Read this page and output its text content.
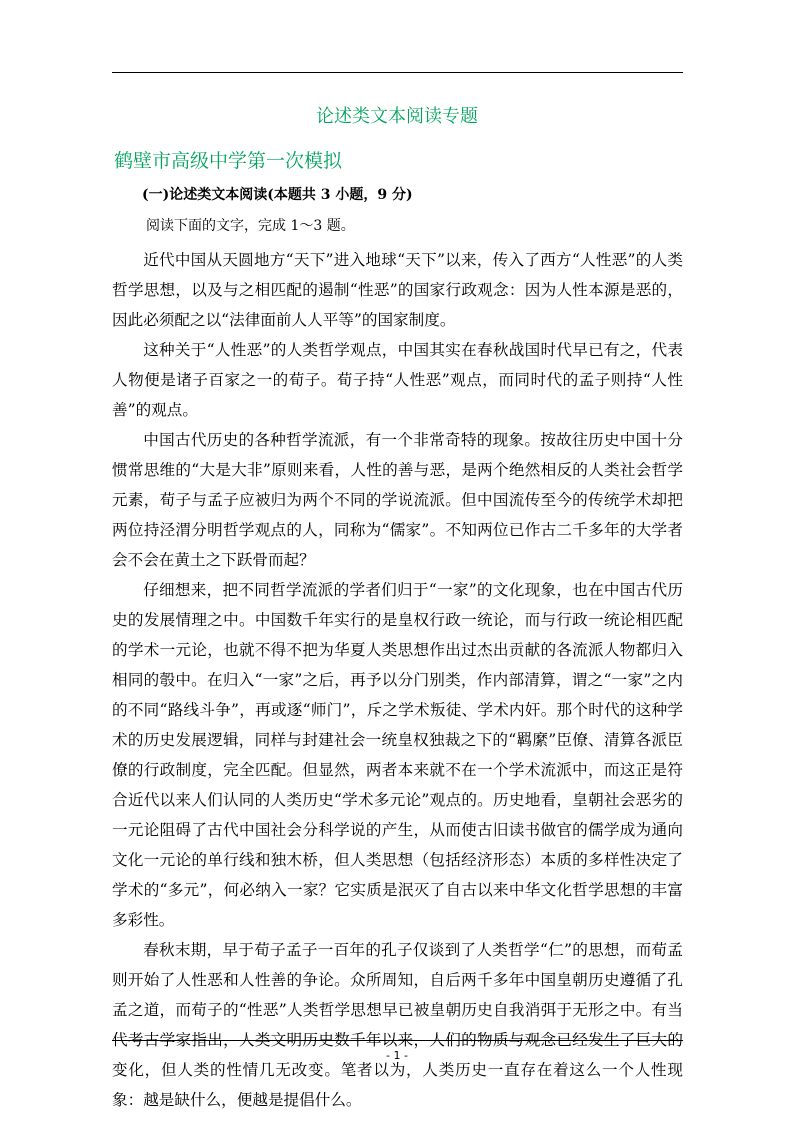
论述类文本阅读专题
鹤壁市高级中学第一次模拟
(一)论述类文本阅读(本题共 3 小题，9 分)
阅读下面的文字，完成 1～3 题。

近代中国从天圆地方“天下”进入地球“天下”以来，传入了西方“人性恶”的人类哲学思想，以及与之相匹配的遏制“性恶”的国家行政观念：因为人性本源是恶的，因此必须配之以“法律面前人人平等”的国家制度。

这种关于“人性恶”的人类哲学观点，中国其实在春秋战国时代早已有之，代表人物便是诸子百家之一的荀子。荀子持“人性恶”观点，而同时代的孟子则持“人性善”的观点。

中国古代历史的各种哲学流派，有一个非常奇特的现象。按故往历史中国十分惯常思维的“大是大非”原则来看，人性的善与恶，是两个绝然相反的人类社会哲学元素，荀子与孟子应被归为两个不同的学说流派。但中国流传至今的传统学术却把两位持泾渭分明哲学观点的人，同称为“儒家”。不知两位已作古二千多年的大学者会不会在黄土之下跃骨而起？

仔细想来，把不同哲学流派的学者们归于“一家”的文化现象，也在中国古代历史的发展情理之中。中国数千年实行的是皇权行政一统论，而与行政一统论相匹配的学术一元论，也就不得不把为华夏人类思想作出过杰出贡献的各流派人物都归入相同的彀中。在归入“一家”之后，再予以分门别类，作内部清算，谓之“一家”之内的不同“路线斗争”，再或逐“师门”，斥之学术叛徒、学术内奸。那个时代的这种学术的历史发展逻辑，同样与封建社会一统皇权独裁之下的“羁縻”臣僚、清算各派臣僚的行政制度，完全匹配。但显然，两者本来就不在一个学术流派中，而这正是符合近代以来人们认同的人类历史“学术多元论”观点的。历史地看，皇朝社会恶劣的一元论阻碍了古代中国社会分科学说的产生，从而使古旧读书做官的儒学成为通向文化一元论的单行线和独木桥，但人类思想（包括经济形态）本质的多样性决定了学术的“多元”，何必纳入一家？它实质是泯灭了自古以来中华文化哲学思想的丰富多彩性。

春秋末期，早于荀子孟子一百年的孔子仅谈到了人类哲学“仁”的思想，而荀孟则开始了人性恶和人性善的争论。众所周知，自后两千多年中国皇朝历史遵循了孔孟之道，而荀子的“性恶”人类哲学思想早已被皇朝历史自我消弭于无形之中。有当代考古学家指出，人类文明历史数千年以来，人们的物质与观念已经发生了巨大的变化，但人类的性情几无改变。笔者以为，人类历史一直存在着这么一个人性现象：越是缺什么，便越是提倡什么。

- 1 -
